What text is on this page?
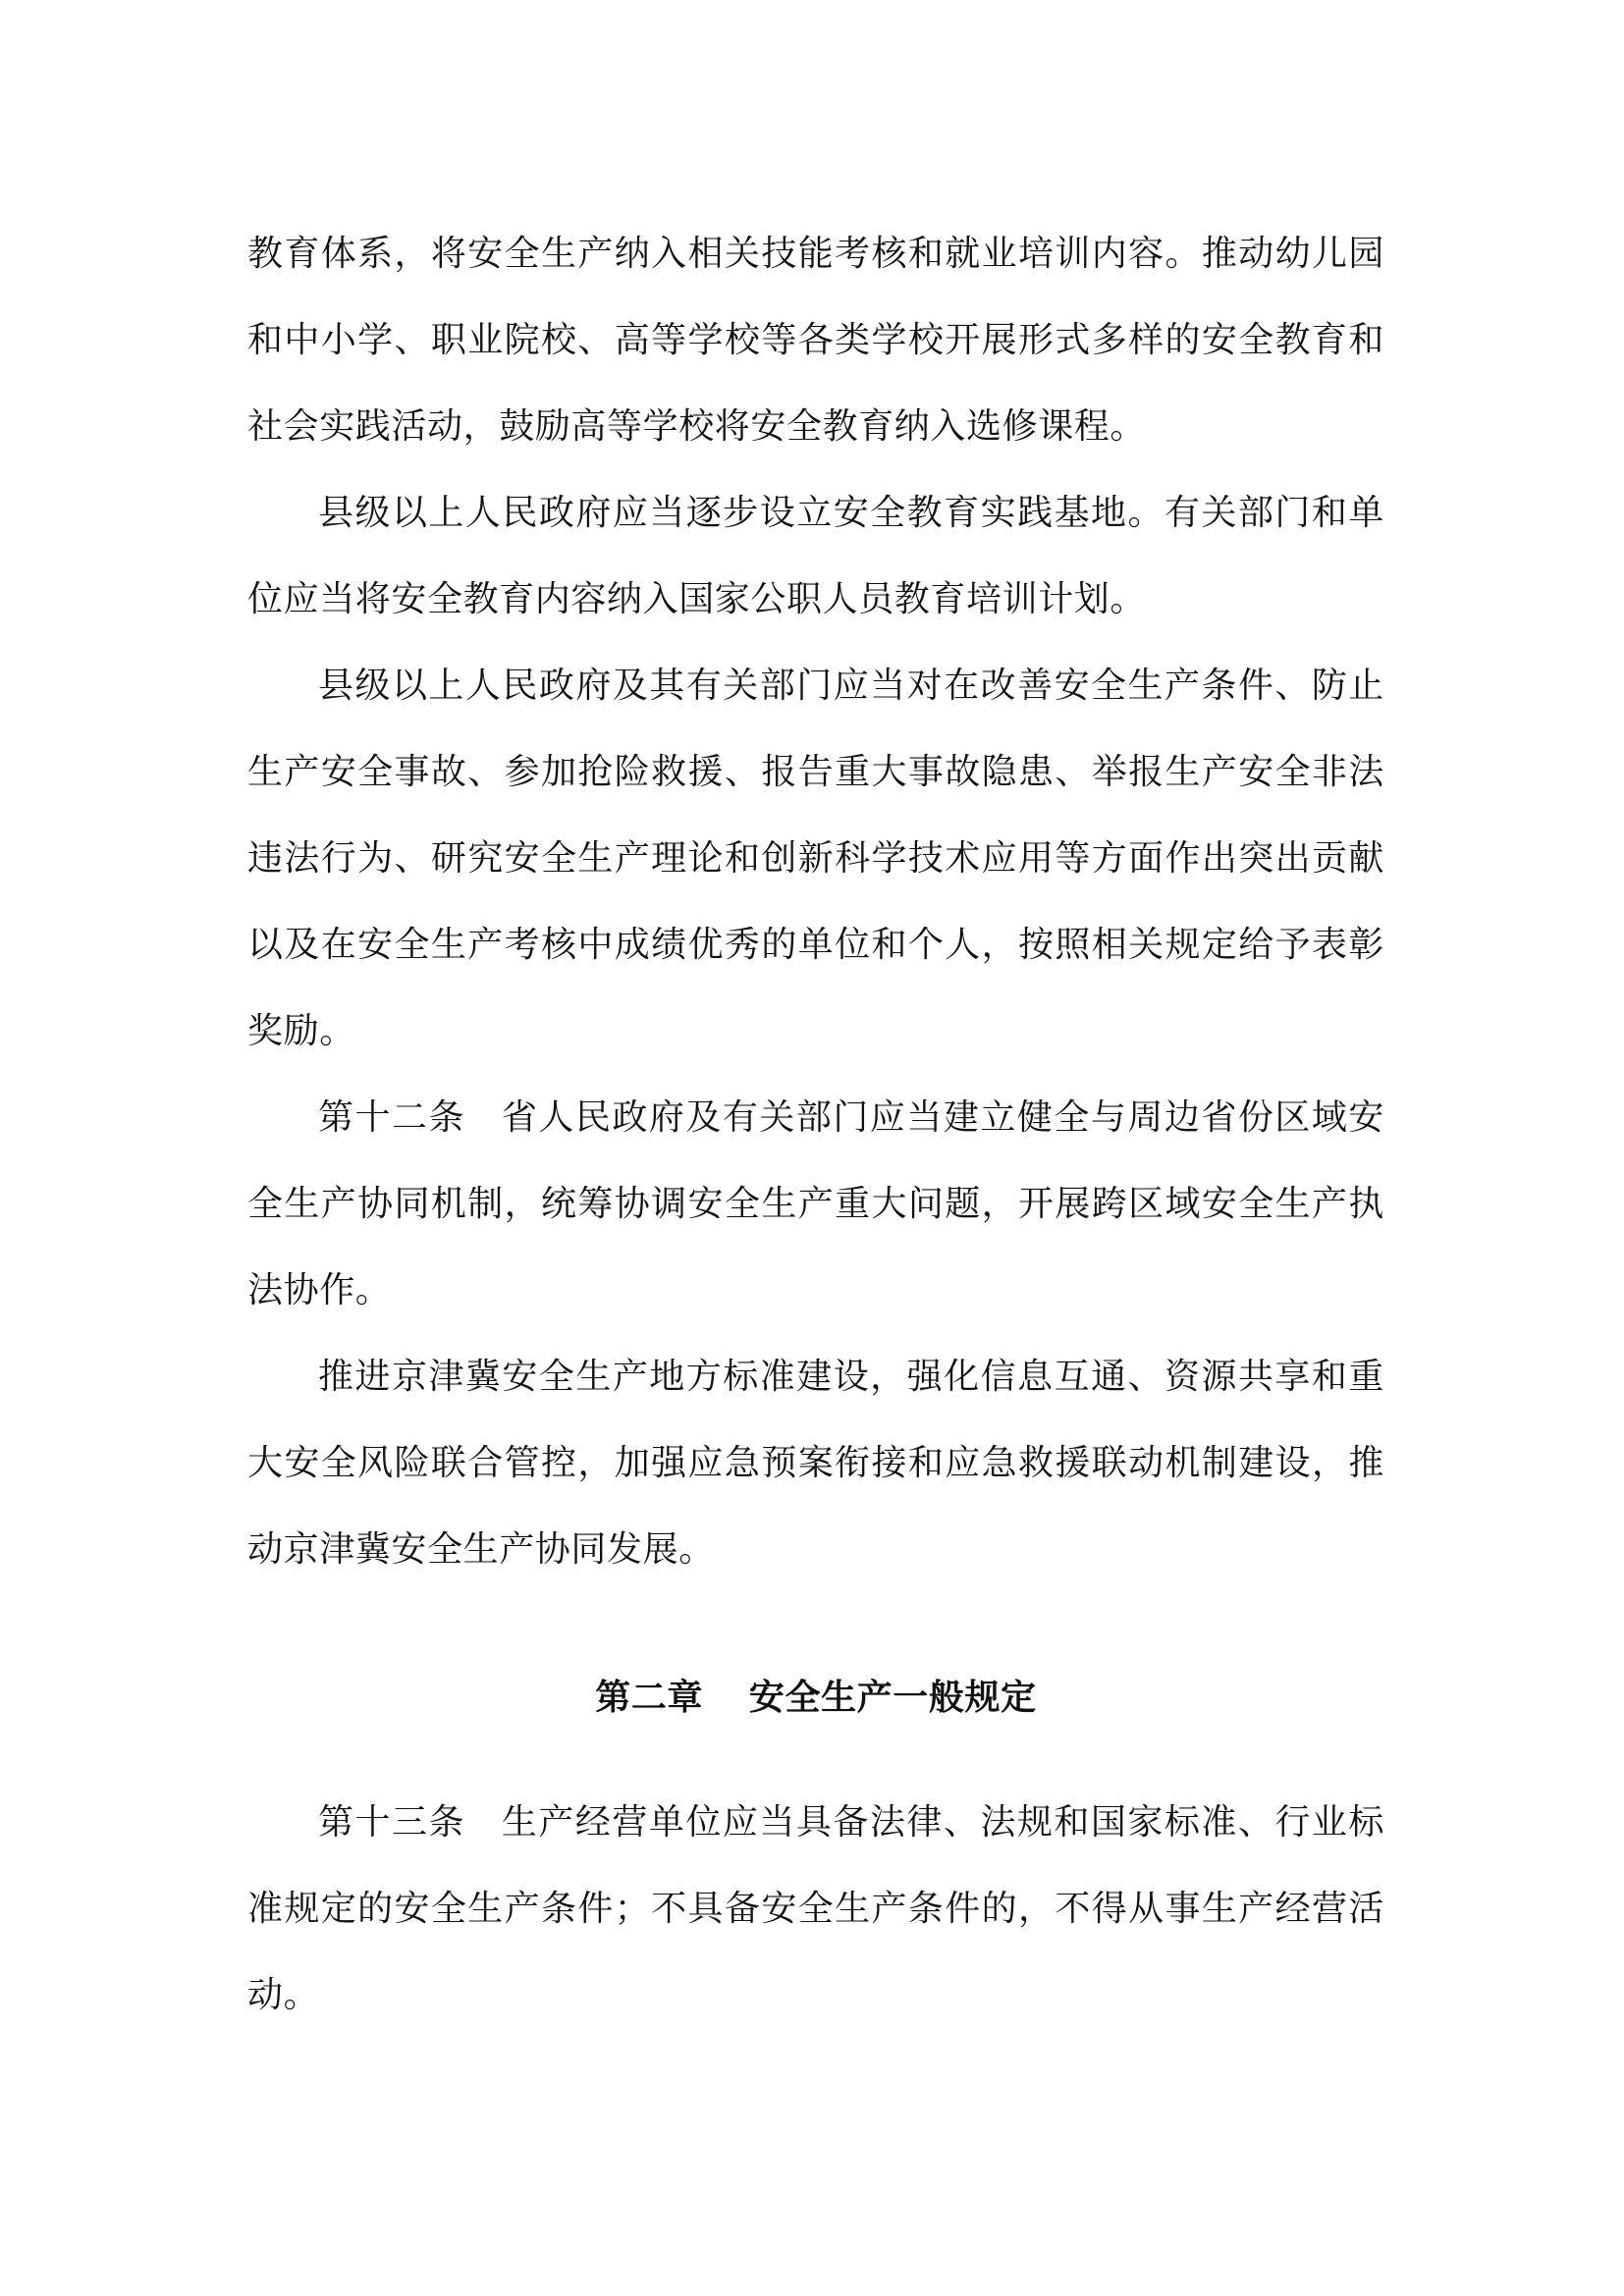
教育体系，将安全生产纳入相关技能考核和就业培训内容。推动幼儿园和中小学、职业院校、高等学校等各类学校开展形式多样的安全教育和社会实践活动，鼓励高等学校将安全教育纳入选修课程。

县级以上人民政府应当逐步设立安全教育实践基地。有关部门和单位应当将安全教育内容纳入国家公职人员教育培训计划。

县级以上人民政府及其有关部门应当对在改善安全生产条件、防止生产安全事故、参加抢险救援、报告重大事故隐患、举报生产安全非法违法行为、研究安全生产理论和创新科学技术应用等方面作出突出贡献以及在安全生产考核中成绩优秀的单位和个人，按照相关规定给予表彰奖励。

第十二条 省人民政府及有关部门应当建立健全与周边省份区域安全生产协同机制，统筹协调安全生产重大问题，开展跨区域安全生产执法协作。

推进京津冀安全生产地方标准建设，强化信息互通、资源共享和重大安全风险联合管控，加强应急预案衔接和应急救援联动机制建设，推动京津冀安全生产协同发展。

第二章 安全生产一般规定

第十三条 生产经营单位应当具备法律、法规和国家标准、行业标准规定的安全生产条件；不具备安全生产条件的，不得从事生产经营活动。
